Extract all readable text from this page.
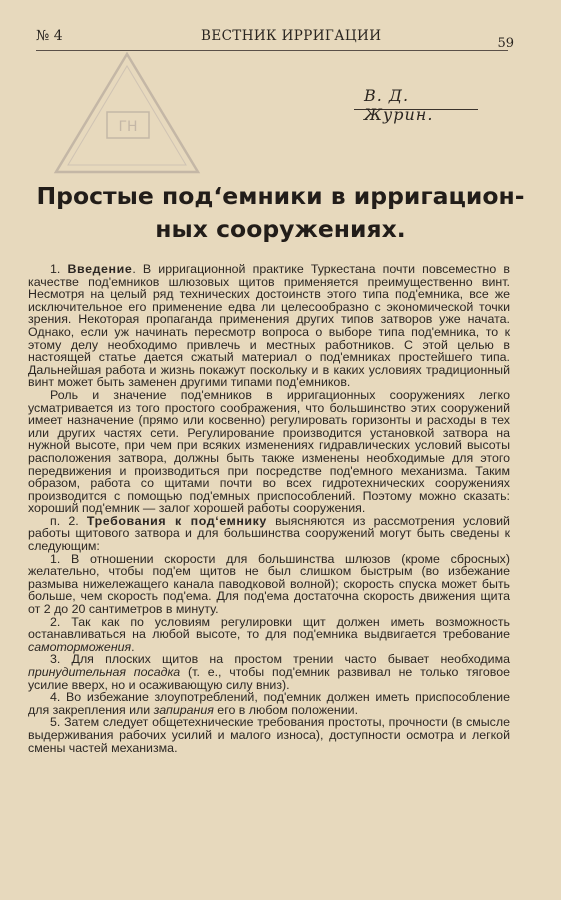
№ 4	ВЕСТНИК ИРРИГАЦИИ	59
ГН
В. Д. Журин.
Простые под‘емники в ирригацион-
ных сооружениях.

1. Введение. В ирригационной практике Туркестана почти повсеместно в качестве под'емников шлюзовых щитов применяется преимущественно винт. Несмотря на целый ряд технических достоинств этого типа под'емника, все же исключительное его применение едва ли целесообразно с экономической точки зрения. Некоторая пропаганда применения других типов затворов уже начата. Однако, если уж начинать пересмотр вопроса о выборе типа под'емника, то к этому делу необходимо привлечь и местных работников. С этой целью в настоящей статье дается сжатый материал о под'емниках простейшего типа. Дальнейшая работа и жизнь покажут поскольку и в каких условиях традиционный винт может быть заменен другими типами под'емников.

Роль и значение под'емников в ирригационных сооружениях легко усматривается из того простого соображения, что большинство этих сооружений имеет назначение (прямо или косвенно) регулировать горизонты и расходы в тех или других частях сети. Регулирование производится установкой затвора на нужной высоте, при чем при всяких изменениях гидравлических условий высоты расположения затвора, должны быть также изменены необходимые для этого передвижения и производиться при посредстве под'емного механизма. Таким образом, работа со щитами почти во всех гидротехнических сооружениях производится с помощью под'емных приспособлений. Поэтому можно сказать: хороший под'емник — залог хорошей работы сооружения.

п. 2. Требования к под‘емнику выясняются из рассмотрения условий работы щитового затвора и для большинства сооружений могут быть сведены к следующим:

1. В отношении скорости для большинства шлюзов (кроме сбросных) желательно, чтобы под'ем щитов не был слишком быстрым (во избежание размыва нижележащего канала паводковой волной); скорость спуска может быть больше, чем скорость под'ема. Для под'ема достаточна скорость движения щита от 2 до 20 сантиметров в минуту.

2. Так как по условиям регулировки щит должен иметь возможность останавливаться на любой высоте, то для под'емника выдвигается требование самоторможения.

3. Для плоских щитов на простом трении часто бывает необходима принудительная посадка (т. е., чтобы под'емник развивал не только тяговое усилие вверх, но и осаживающую силу вниз).

4. Во избежание злоупотреблений, под'емник должен иметь приспособление для закрепления или запирания его в любом положении.

5. Затем следует общетехнические требования простоты, прочности (в смысле выдерживания рабочих усилий и малого износа), доступности осмотра и легкой смены частей механизма.
